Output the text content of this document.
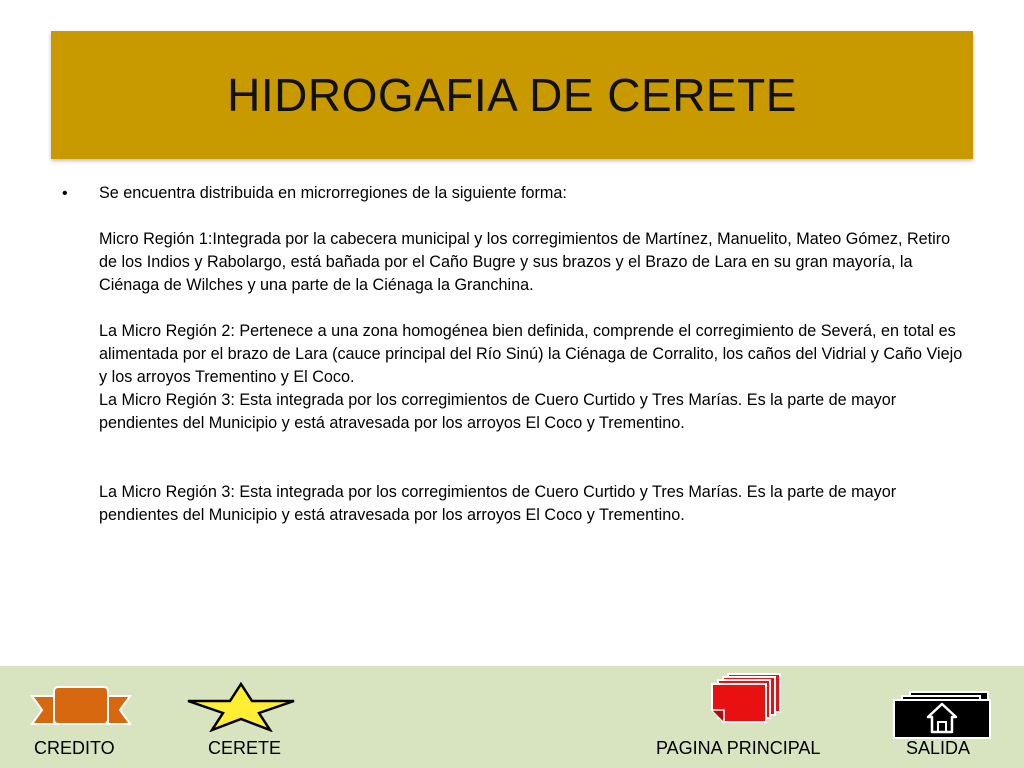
HIDROGAFIA DE CERETE
•	Se encuentra distribuida en microrregiones de la siguiente forma:

Micro Región 1:Integrada por la cabecera municipal y los corregimientos de Martínez, Manuelito, Mateo Gómez, Retiro de los Indios y Rabolargo, está bañada por el Caño Bugre y sus brazos y el Brazo de Lara en su gran mayoría, la Ciénaga de Wilches y una parte de la Ciénaga la Granchina.

La Micro Región 2: Pertenece a una zona homogénea bien definida, comprende el corregimiento de Severá, en total es alimentada por el brazo de Lara (cauce principal del Río Sinú) la Ciénaga de Corralito, los caños del Vidrial y Caño Viejo y los arroyos Trementino y El Coco.

La Micro Región 3: Esta integrada por los corregimientos de Cuero Curtido y Tres Marías. Es la parte de mayor pendientes del Municipio y está atravesada por los arroyos El Coco y Trementino.

La Micro Región 3: Esta integrada por los corregimientos de Cuero Curtido y Tres Marías. Es la parte de mayor pendientes del Municipio y está atravesada por los arroyos El Coco y Trementino.

CREDITO	CERETE	PAGINA PRINCIPAL	SALIDA
